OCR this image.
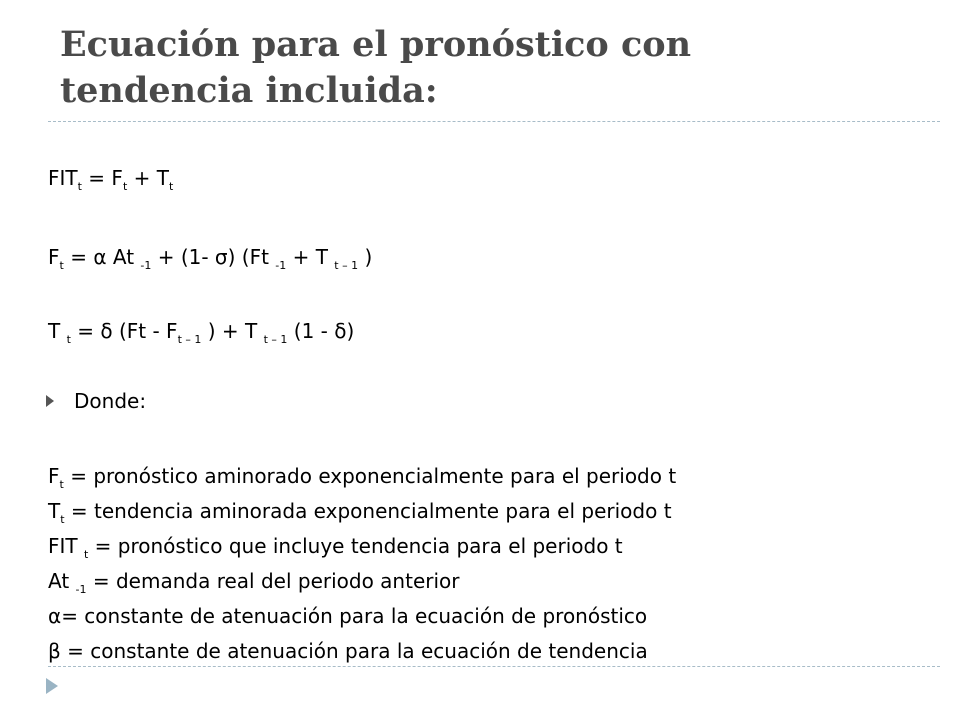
Ecuación para el pronóstico con
tendencia incluida:
$FIT_t = F_t + T_t$
$F_t = \alpha$ At $_{-1}$ + (1- σ) (Ft $_{-1}$ + T $_{t - 1}$ )
T $_t$ = δ ($Ft - F_{t - 1}$ ) + T $_{t - 1}$ (1 - δ)
Donde:
$F_t$ = pronóstico aminorado exponencialmente para el periodo t
$T_t$ = tendencia aminorada exponencialmente para el periodo t
FIT $_t$ = pronóstico que incluye tendencia para el periodo t
At $_{-1}$ = demanda real del periodo anterior
α= constante de atenuación para la ecuación de pronóstico
β = constante de atenuación para la ecuación de tendencia
